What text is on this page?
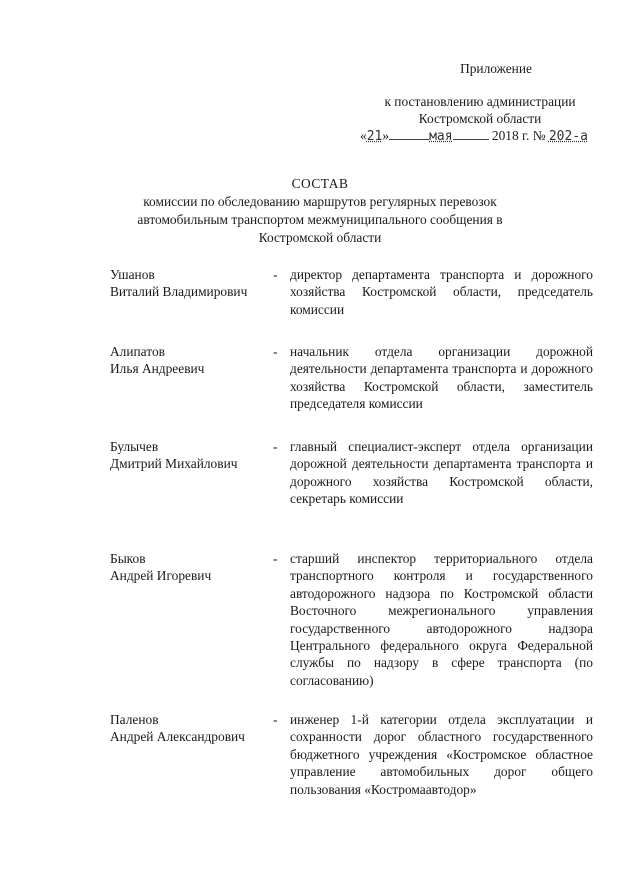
Приложение
к постановлению администрации
Костромской области
«21»	мая	2018 г. № 202-а
СОСТАВ
комиссии по обследованию маршрутов регулярных перевозок
автомобильным транспортом межмуниципального сообщения в
Костромской области
Ушанов
Виталий Владимирович
- директор департамента транспорта и дорожного хозяйства Костромской области, председатель комиссии
Алипатов
Илья Андреевич
- начальник отдела организации дорожной деятельности департамента транспорта и дорожного хозяйства Костромской области, заместитель председателя комиссии
Булычев
Дмитрий Михайлович
- главный специалист-эксперт отдела организации дорожной деятельности департамента транспорта и дорожного хозяйства Костромской области, секретарь комиссии
Быков
Андрей Игоревич
- старший инспектор территориального отдела транспортного контроля и государственного автодорожного надзора по Костромской области Восточного межрегионального управления государственного автодорожного надзора Центрального федерального округа Федеральной службы по надзору в сфере транспорта (по согласованию)
Паленов
Андрей Александрович
- инженер 1-й категории отдела эксплуатации и сохранности дорог областного государственного бюджетного учреждения «Костромское областное управление автомобильных дорог общего пользования «Костромаавтодор»
